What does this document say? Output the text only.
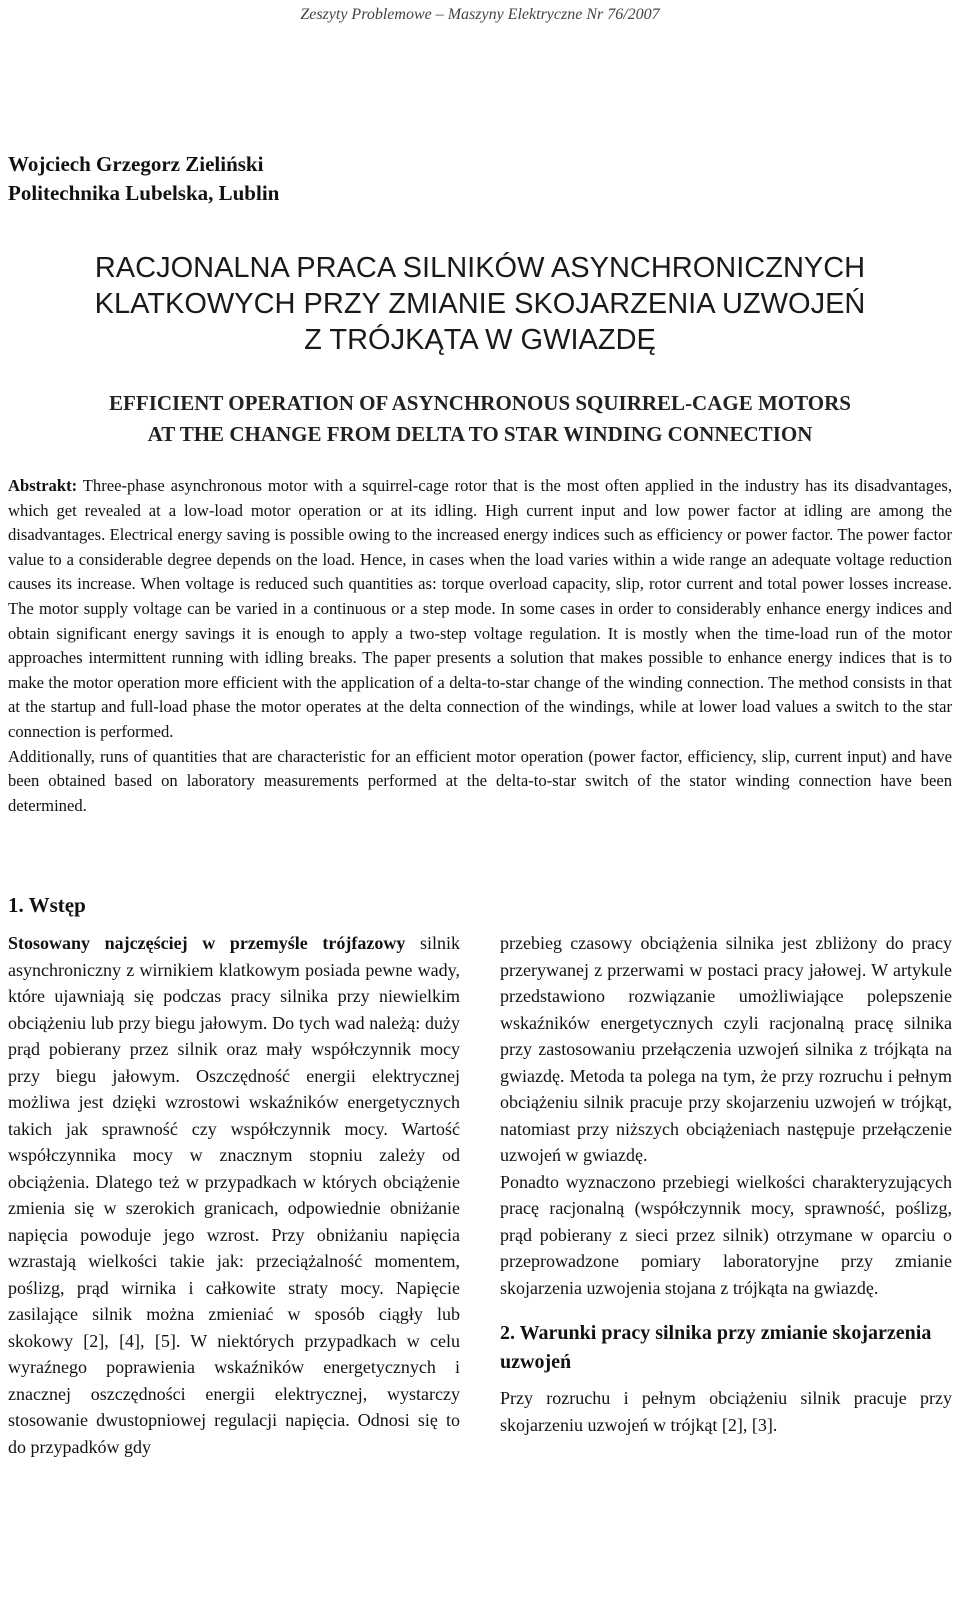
Zeszyty Problemowe – Maszyny Elektryczne Nr 76/2007
Wojciech Grzegorz Zieliński
Politechnika Lubelska, Lublin
RACJONALNA PRACA SILNIKÓW ASYNCHRONICZNYCH
KLATKOWYCH PRZY ZMIANIE SKOJARZENIA UZWOJEŃ
Z TRÓJKĄTA W GWIAZDĘ
EFFICIENT OPERATION OF ASYNCHRONOUS SQUIRREL-CAGE MOTORS
AT THE CHANGE FROM DELTA TO STAR WINDING CONNECTION
Abstrakt: Three-phase asynchronous motor with a squirrel-cage rotor that is the most often applied in the industry has its disadvantages, which get revealed at a low-load motor operation or at its idling. High current input and low power factor at idling are among the disadvantages. Electrical energy saving is possible owing to the increased energy indices such as efficiency or power factor. The power factor value to a considerable degree depends on the load. Hence, in cases when the load varies within a wide range an adequate voltage reduction causes its increase. When voltage is reduced such quantities as: torque overload capacity, slip, rotor current and total power losses increase. The motor supply voltage can be varied in a continuous or a step mode. In some cases in order to considerably enhance energy indices and obtain significant energy savings it is enough to apply a two-step voltage regulation. It is mostly when the time-load run of the motor approaches intermittent running with idling breaks. The paper presents a solution that makes possible to enhance energy indices that is to make the motor operation more efficient with the application of a delta-to-star change of the winding connection. The method consists in that at the startup and full-load phase the motor operates at the delta connection of the windings, while at lower load values a switch to the star connection is performed.
Additionally, runs of quantities that are characteristic for an efficient motor operation (power factor, efficiency, slip, current input) and have been obtained based on laboratory measurements performed at the delta-to-star switch of the stator winding connection have been determined.
1. Wstęp

Stosowany najczęściej w przemyśle trójfazowy silnik asynchroniczny z wirnikiem klatkowym posiada pewne wady, które ujawniają się podczas pracy silnika przy niewielkim obciążeniu lub przy biegu jałowym. Do tych wad należą: duży prąd pobierany przez silnik oraz mały współczynnik mocy przy biegu jałowym. Oszczędność energii elektrycznej możliwa jest dzięki wzrostowi wskaźników energetycznych takich jak sprawność czy współczynnik mocy. Wartość współczynnika mocy w znacznym stopniu zależy od obciążenia. Dlatego też w przypadkach w których obciążenie zmienia się w szerokich granicach, odpowiednie obniżanie napięcia powoduje jego wzrost. Przy obniżaniu napięcia wzrastają wielkości takie jak: przeciążalność momentem, poślizg, prąd wirnika i całkowite straty mocy. Napięcie zasilające silnik można zmieniać w sposób ciągły lub skokowy [2], [4], [5]. W niektórych przypadkach w celu wyraźnego poprawienia wskaźników energetycznych i znacznej oszczędności energii elektrycznej, wystarczy stosowanie dwustopniowej regulacji napięcia. Odnosi się to do przypadków gdy

przebieg czasowy obciążenia silnika jest zbliżony do pracy przerywanej z przerwami w postaci pracy jałowej. W artykule przedstawiono rozwiązanie umożliwiające polepszenie wskaźników energetycznych czyli racjonalną pracę silnika przy zastosowaniu przełączenia uzwojeń silnika z trójkąta na gwiazdę. Metoda ta polega na tym, że przy rozruchu i pełnym obciążeniu silnik pracuje przy skojarzeniu uzwojeń w trójkąt, natomiast przy niższych obciążeniach następuje przełączenie uzwojeń w gwiazdę.

Ponadto wyznaczono przebiegi wielkości charakteryzujących pracę racjonalną (współczynnik mocy, sprawność, poślizg, prąd pobierany z sieci przez silnik) otrzymane w oparciu o przeprowadzone pomiary laboratoryjne przy zmianie skojarzenia uzwojenia stojana z trójkąta na gwiazdę.

2. Warunki pracy silnika przy zmianie skojarzenia uzwojeń

Przy rozruchu i pełnym obciążeniu silnik pracuje przy skojarzeniu uzwojeń w trójkąt [2], [3].
